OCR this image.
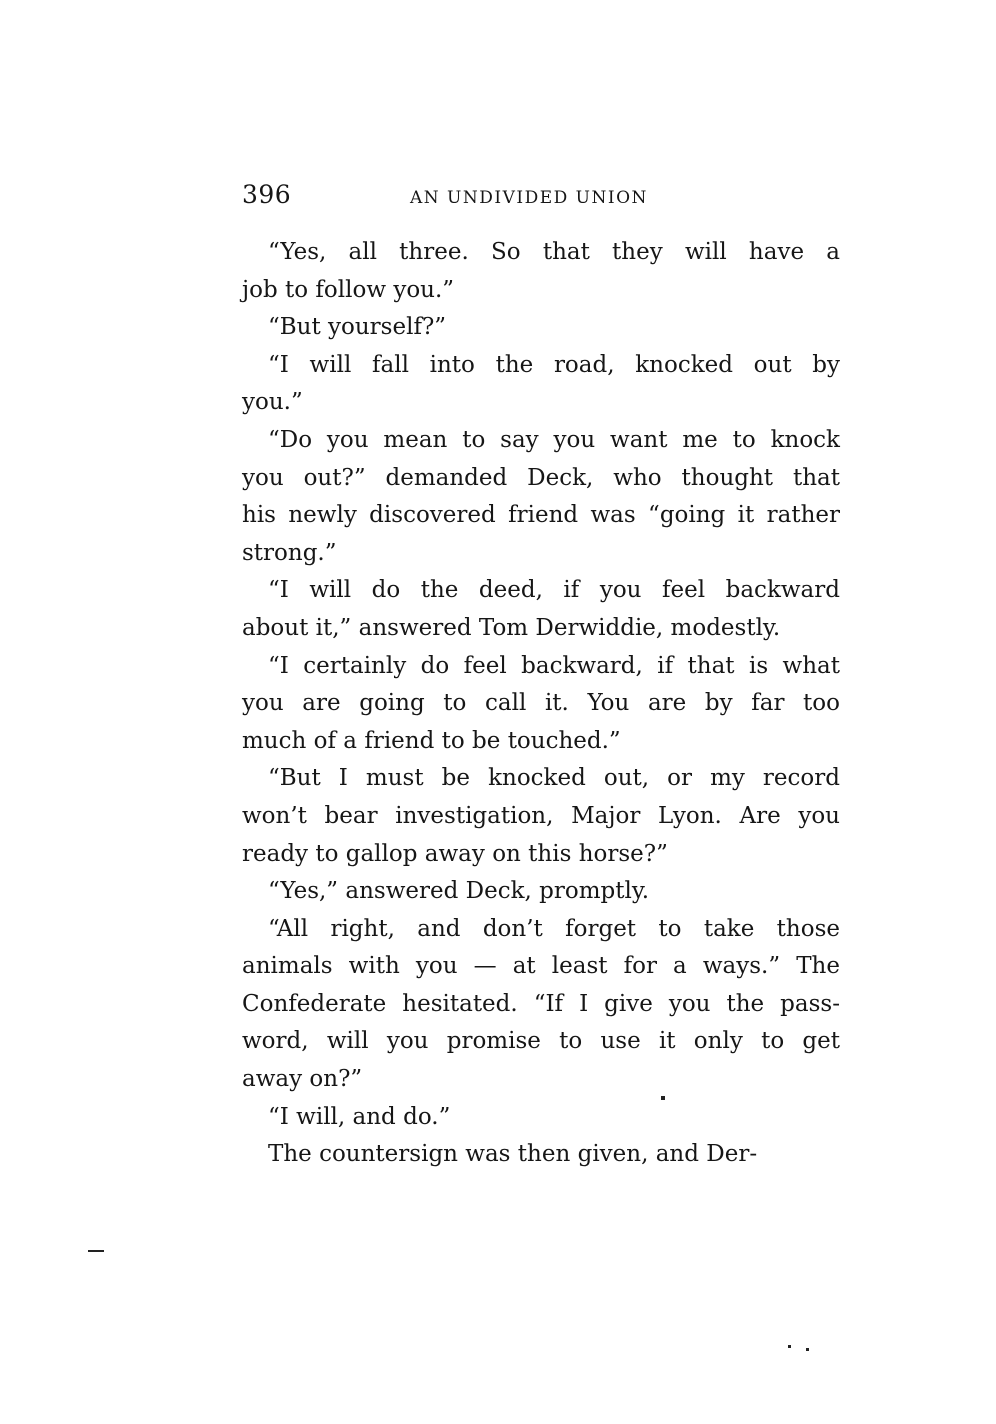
396	AN UNDIVIDED UNION

“Yes, all three. So that they will have a
job to follow you.”

“But yourself?”

“I will fall into the road, knocked out by
you.”

“Do you mean to say you want me to knock
you out?” demanded Deck, who thought that
his newly discovered friend was “going it rather
strong.”

“I will do the deed, if you feel backward
about it,” answered Tom Derwiddie, modestly.

“I certainly do feel backward, if that is what
you are going to call it. You are by far too
much of a friend to be touched.”

“But I must be knocked out, or my record
won’t bear investigation, Major Lyon. Are you
ready to gallop away on this horse?”

“Yes,” answered Deck, promptly.

“All right, and don’t forget to take those
animals with you — at least for a ways.” The
Confederate hesitated. “If I give you the pass-
word, will you promise to use it only to get
away on?”

“I will, and do.”

The countersign was then given, and Der-
